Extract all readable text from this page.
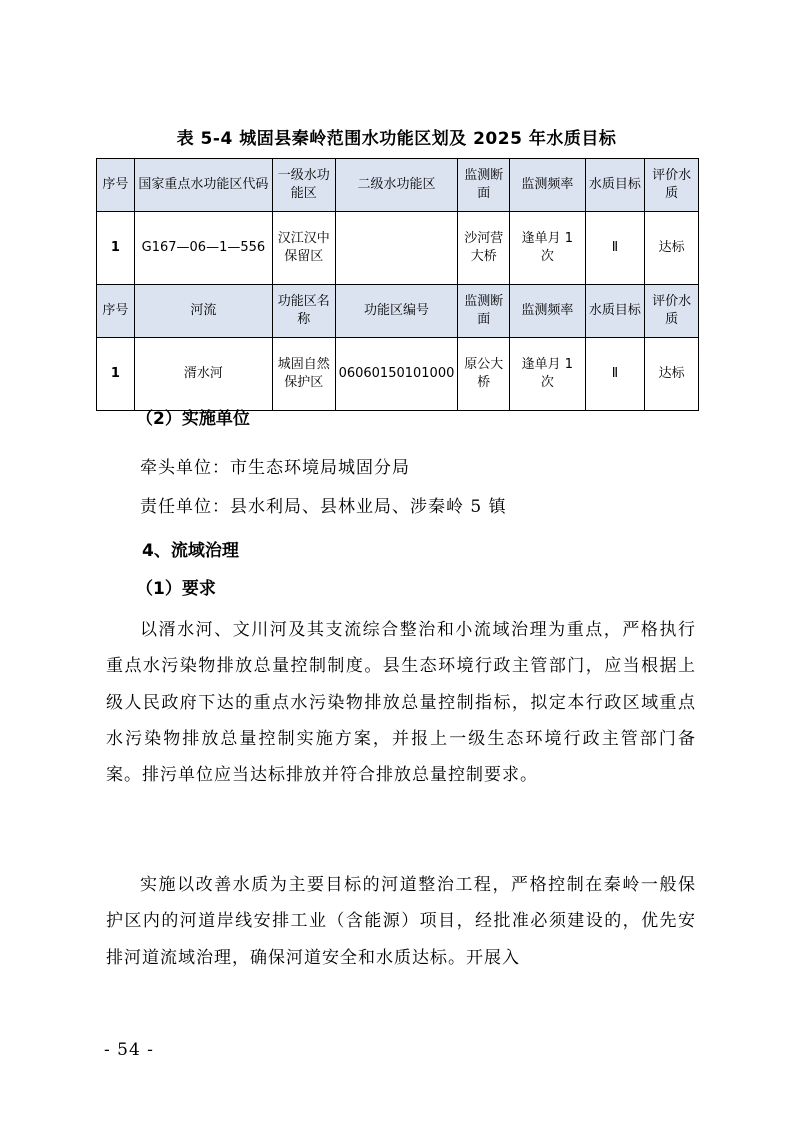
表 5-4 城固县秦岭范围水功能区划及 2025 年水质目标
序号	国家重点水功能区代码	一级水功能区	二级水功能区	监测断面	监测频率	水质目标	评价水质
1	G167—06—1—556	汉江汉中保留区		沙河营大桥	逢单月 1 次	Ⅱ	达标
序号	河流	功能区名称	功能区编号	监测断面	监测频率	水质目标	评价水质
1	湑水河	城固自然保护区	06060150101000	原公大桥	逢单月 1 次	Ⅱ	达标
（2）实施单位
牵头单位：市生态环境局城固分局
责任单位：县水利局、县林业局、涉秦岭 5 镇
4、流域治理
（1）要求

以湑水河、文川河及其支流综合整治和小流域治理为重点，严格执行重点水污染物排放总量控制制度。县生态环境行政主管部门，应当根据上级人民政府下达的重点水污染物排放总量控制指标，拟定本行政区域重点水污染物排放总量控制实施方案，并报上一级生态环境行政主管部门备案。排污单位应当达标排放并符合排放总量控制要求。

实施以改善水质为主要目标的河道整治工程，严格控制在秦岭一般保护区内的河道岸线安排工业（含能源）项目，经批准必须建设的，优先安排河道流域治理，确保河道安全和水质达标。开展入

- 54 -
